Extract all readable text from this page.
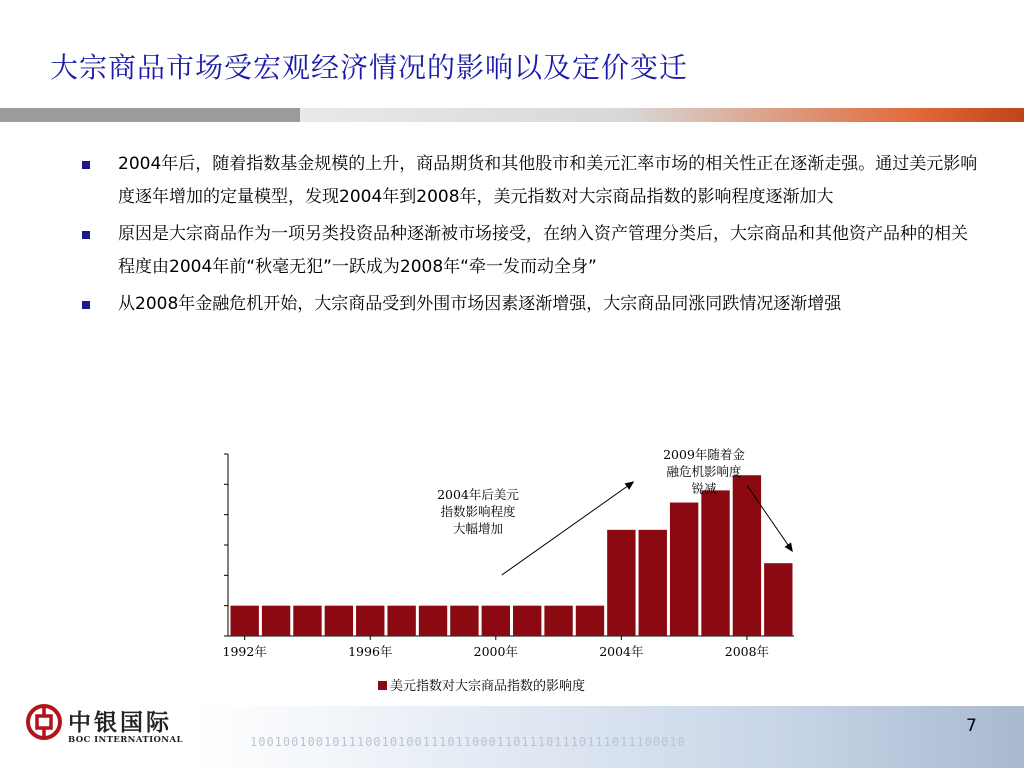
大宗商品市场受宏观经济情况的影响以及定价变迁
2004年后，随着指数基金规模的上升，商品期货和其他股市和美元汇率市场的相关性正在逐渐走强。通过美元影响度逐年增加的定量模型，发现2004年到2008年，美元指数对大宗商品指数的影响程度逐渐加大
原因是大宗商品作为一项另类投资品种逐渐被市场接受，在纳入资产管理分类后，大宗商品和其他资产品种的相关程度由2004年前“秋毫无犯”一跃成为2008年“牵一发而动全身”
从2008年金融危机开始，大宗商品受到外围市场因素逐渐增强，大宗商品同涨同跌情况逐渐增强
1992年	1996年	2000年	2004年	2008年
2004年后美元
指数影响程度
大幅增加
2009年随着金
融危机影响度
锐减
美元指数对大宗商品指数的影响度
中银国际
BOC INTERNATIONAL	10010010010111001010011101100011011101110111011100010
7
